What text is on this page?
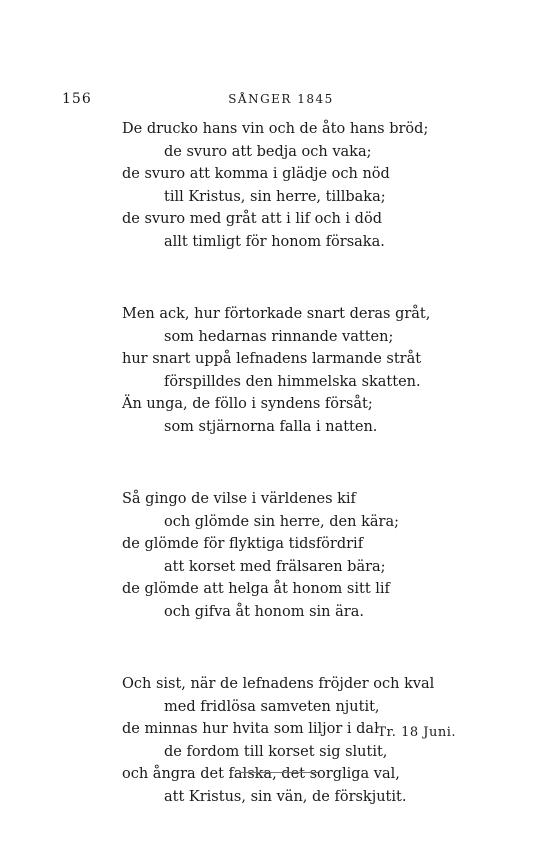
156	SÅNGER 1845
De drucko hans vin och de åto hans bröd;
de svuro att bedja och vaka;
de svuro att komma i glädje och nöd
till Kristus, sin herre, tillbaka;
de svuro med gråt att i lif och i död
allt timligt för honom försaka.
Men ack, hur förtorkade snart deras gråt,
som hedarnas rinnande vatten;
hur snart uppå lefnadens larmande stråt
förspilldes den himmelska skatten.
Än unga, de föllo i syndens försåt;
som stjärnorna falla i natten.
Så gingo de vilse i världenes kif
och glömde sin herre, den kära;
de glömde för flyktiga tidsfördrif
att korset med frälsaren bära;
de glömde att helga åt honom sitt lif
och gifva åt honom sin ära.
Och sist, när de lefnadens fröjder och kval
med fridlösa samveten njutit,
de minnas hur hvita som liljor i dal
de fordom till korset sig slutit,
och ångra det falska, det sorgliga val,
att Kristus, sin vän, de förskjutit.
Tr. 18 Juni.
